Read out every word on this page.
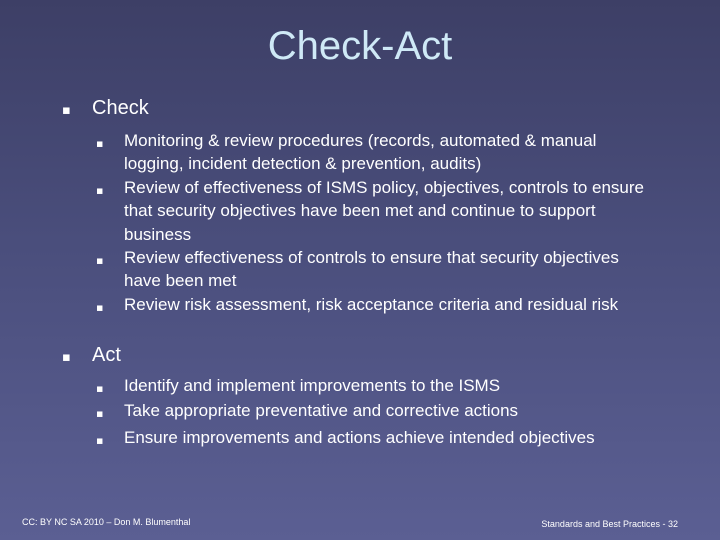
Check-Act
▪ Check
▪ Monitoring & review procedures (records, automated & manual logging, incident detection & prevention, audits)
▪ Review of effectiveness of ISMS policy, objectives, controls to ensure that security objectives have been met and continue to support business
▪ Review effectiveness of controls to ensure that security objectives have been met
▪ Review risk assessment, risk acceptance criteria and residual risk
▪ Act
▪ Identify and implement improvements to the ISMS
▪ Take appropriate preventative and corrective actions
▪ Ensure improvements and actions achieve intended objectives
CC: BY NC SA 2010 – Don M. Blumenthal	Standards and Best Practices - 32
